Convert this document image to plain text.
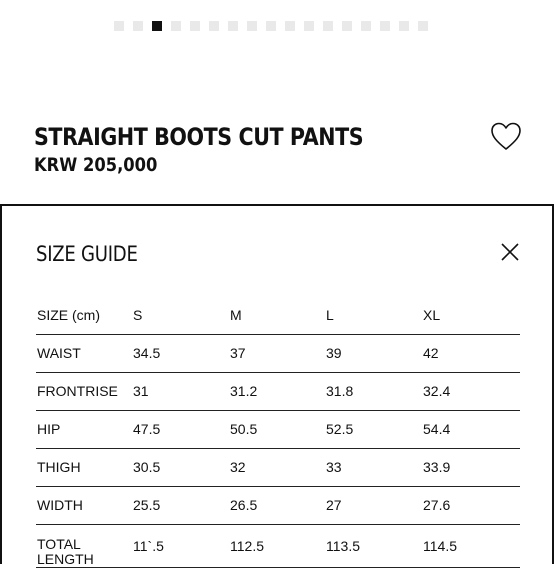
STRAIGHT BOOTS CUT PANTS
KRW 205,000
SIZE GUIDE
SIZE (cm)	S	M	L	XL
WAIST	34.5	37	39	42
FRONTRISE	31	31.2	31.8	32.4
HIP	47.5	50.5	52.5	54.4
THIGH	30.5	32	33	33.9
WIDTH	25.5	26.5	27	27.6
TOTAL LENGTH	11`.5	112.5	113.5	114.5
